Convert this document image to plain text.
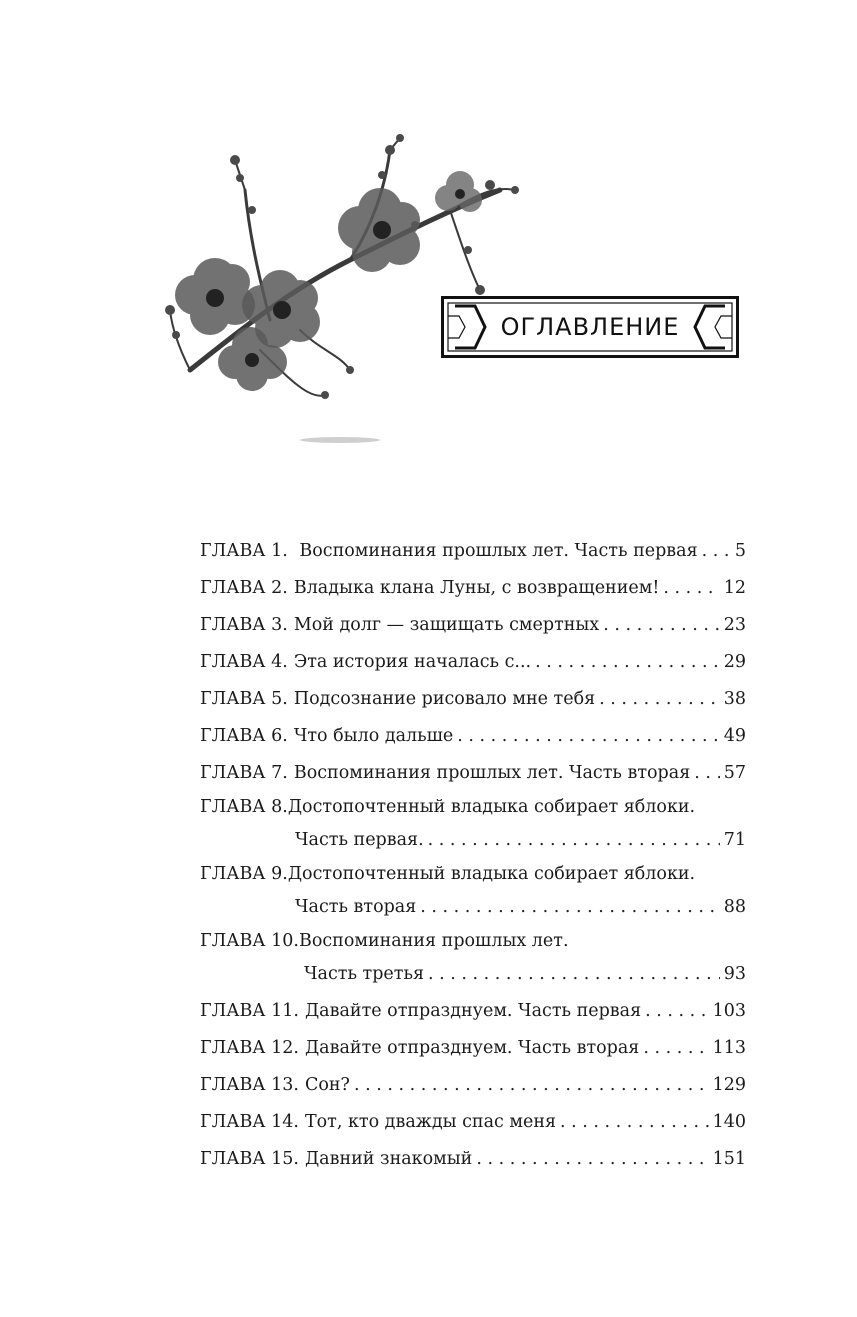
ОГЛАВЛЕНИЕ
ГЛАВА 1. Воспоминания прошлых лет. Часть первая . . . 5
ГЛАВА 2. Владыка клана Луны, с возвращением! . . .	12
ГЛАВА 3. Мой долг — защищать смертных . . .	23
ГЛАВА 4. Эта история началась с... . . .	29
ГЛАВА 5. Подсознание рисовало мне тебя . . .	38
ГЛАВА 6. Что было дальше . . .	49
ГЛАВА 7. Воспоминания прошлых лет. Часть вторая . . . 57
ГЛАВА 8.Достопочтенный владыка собирает яблоки.
Часть первая. . . .	71
ГЛАВА 9.Достопочтенный владыка собирает яблоки.
Часть вторая . . .	88
ГЛАВА 10.Воспоминания прошлых лет.
Часть третья . . .	93
ГЛАВА 11. Давайте отпразднуем. Часть первая . . .	103
ГЛАВА 12. Давайте отпразднуем. Часть вторая . . .	113
ГЛАВА 13. Сон? . . .	129
ГЛАВА 14. Тот, кто дважды спас меня . . .	140
ГЛАВА 15. Давний знакомый . . .	151
